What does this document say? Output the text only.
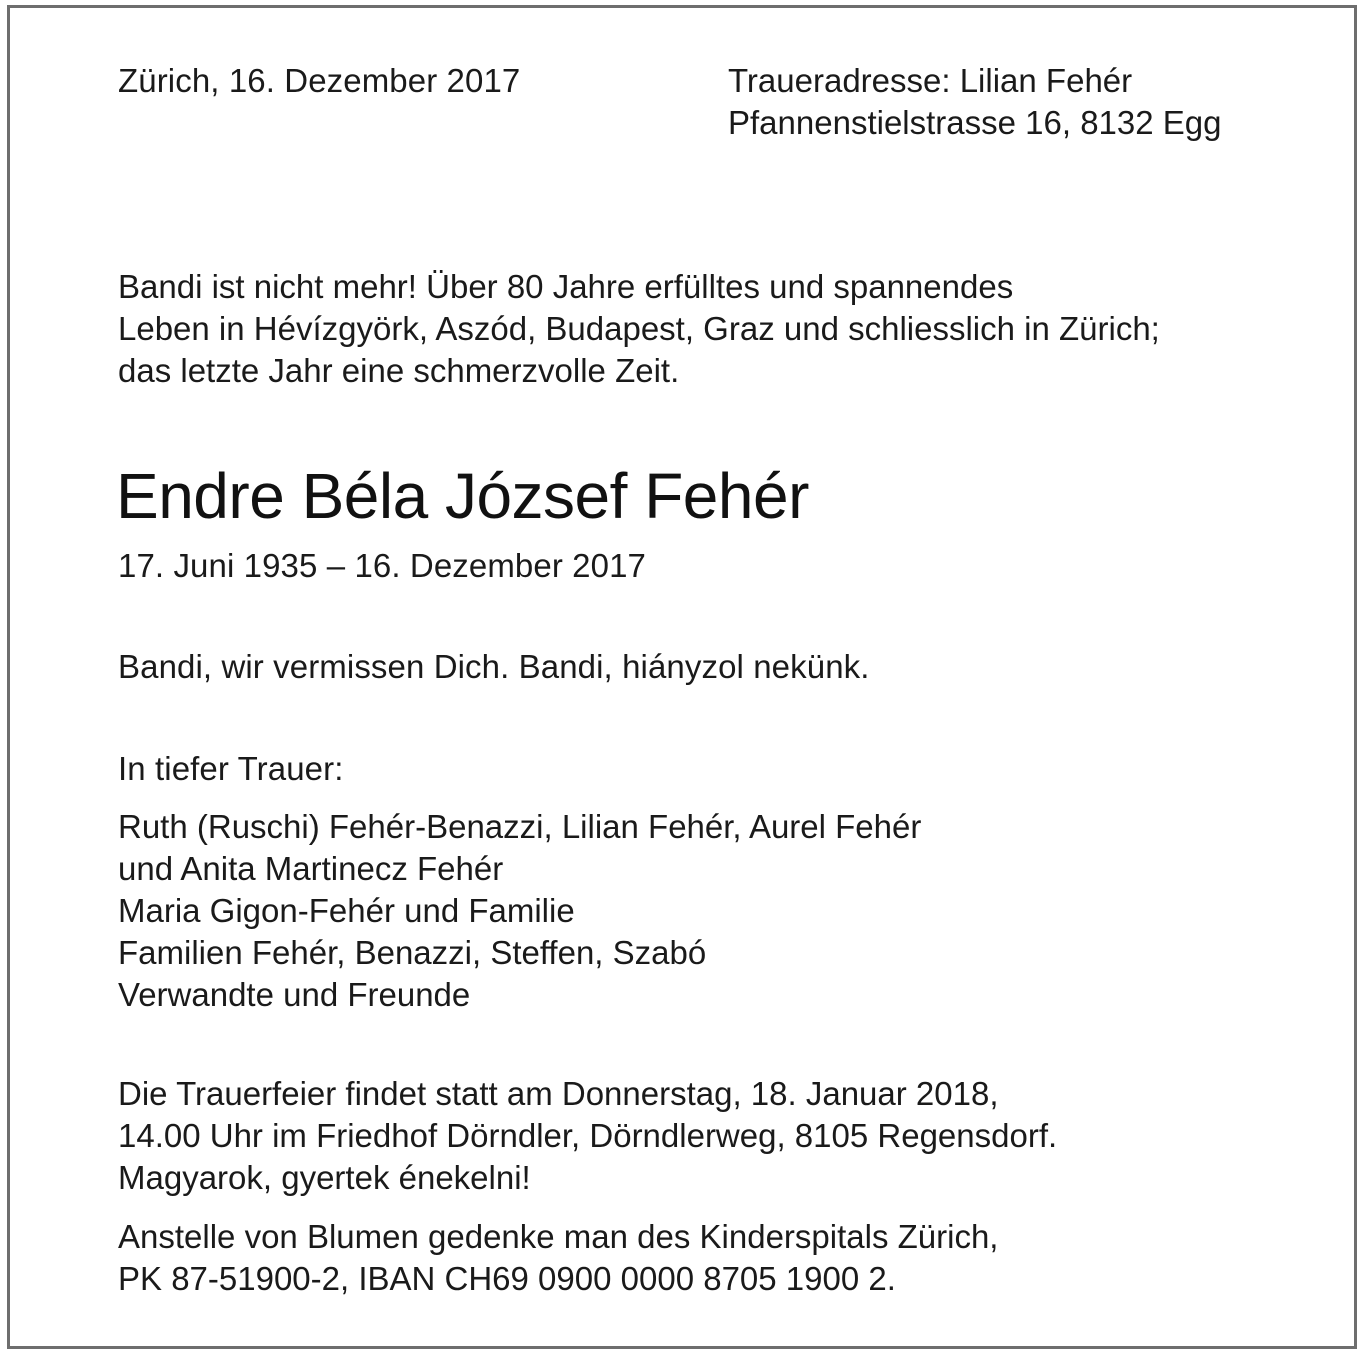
Zürich, 16. Dezember 2017	Traueradresse: Lilian Fehér
Pfannenstielstrasse 16, 8132 Egg
Bandi ist nicht mehr! Über 80 Jahre erfülltes und spannendes
Leben in Hévízgyörk, Aszód, Budapest, Graz und schliesslich in Zürich;
das letzte Jahr eine schmerzvolle Zeit.
Endre Béla József Fehér
17. Juni 1935 – 16. Dezember 2017
Bandi, wir vermissen Dich. Bandi, hiányzol nekünk.
In tiefer Trauer:
Ruth (Ruschi) Fehér-Benazzi, Lilian Fehér, Aurel Fehér
und Anita Martinecz Fehér
Maria Gigon-Fehér und Familie
Familien Fehér, Benazzi, Steffen, Szabó
Verwandte und Freunde
Die Trauerfeier findet statt am Donnerstag, 18. Januar 2018,
14.00 Uhr im Friedhof Dörndler, Dörndlerweg, 8105 Regensdorf.
Magyarok, gyertek énekelni!
Anstelle von Blumen gedenke man des Kinderspitals Zürich,
PK 87-51900-2, IBAN CH69 0900 0000 8705 1900 2.
